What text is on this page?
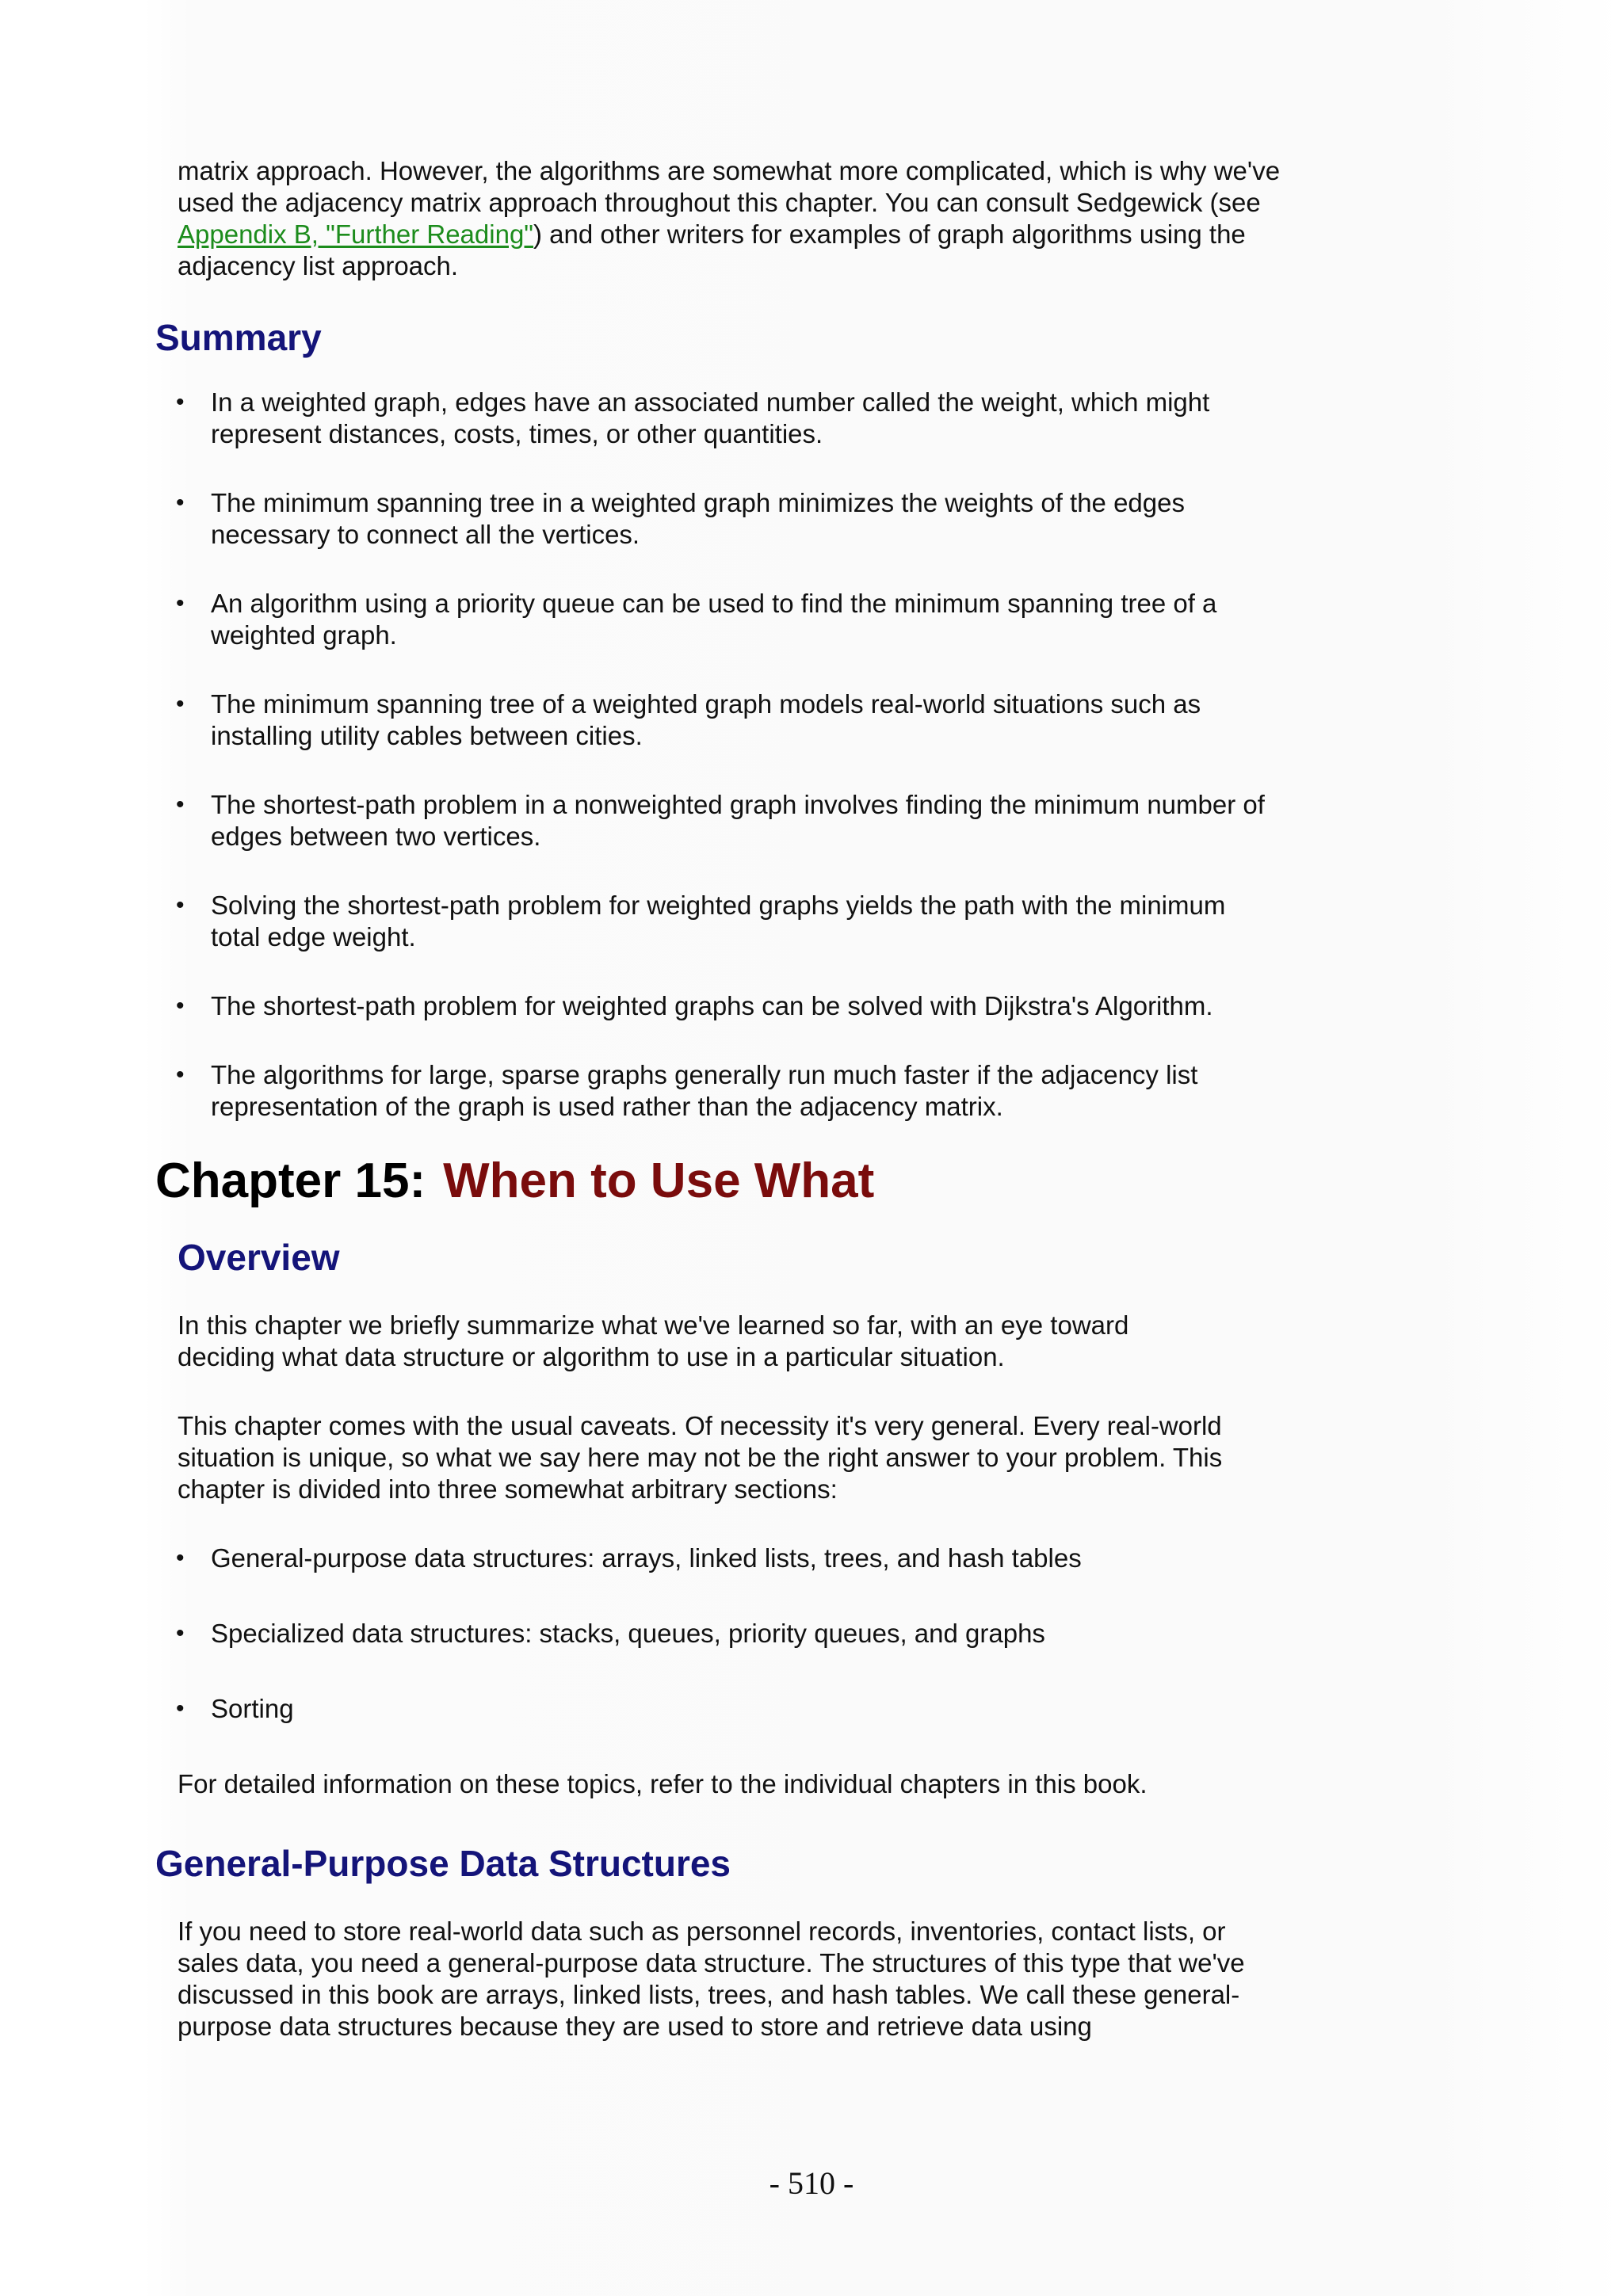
matrix approach. However, the algorithms are somewhat more complicated, which is why we've used the adjacency matrix approach throughout this chapter. You can consult Sedgewick (see Appendix B, "Further Reading") and other writers for examples of graph algorithms using the adjacency list approach.

Summary
• In a weighted graph, edges have an associated number called the weight, which might represent distances, costs, times, or other quantities.
• The minimum spanning tree in a weighted graph minimizes the weights of the edges necessary to connect all the vertices.
• An algorithm using a priority queue can be used to find the minimum spanning tree of a weighted graph.
• The minimum spanning tree of a weighted graph models real-world situations such as installing utility cables between cities.
• The shortest-path problem in a nonweighted graph involves finding the minimum number of edges between two vertices.
• Solving the shortest-path problem for weighted graphs yields the path with the minimum total edge weight.
• The shortest-path problem for weighted graphs can be solved with Dijkstra's Algorithm.
• The algorithms for large, sparse graphs generally run much faster if the adjacency list representation of the graph is used rather than the adjacency matrix.
Chapter 15: When to Use What
Overview

In this chapter we briefly summarize what we've learned so far, with an eye toward deciding what data structure or algorithm to use in a particular situation.

This chapter comes with the usual caveats. Of necessity it's very general. Every real-world situation is unique, so what we say here may not be the right answer to your problem. This chapter is divided into three somewhat arbitrary sections:

• General-purpose data structures: arrays, linked lists, trees, and hash tables
• Specialized data structures: stacks, queues, priority queues, and graphs
• Sorting

For detailed information on these topics, refer to the individual chapters in this book.

General-Purpose Data Structures

If you need to store real-world data such as personnel records, inventories, contact lists, or sales data, you need a general-purpose data structure. The structures of this type that we've discussed in this book are arrays, linked lists, trees, and hash tables. We call these general-purpose data structures because they are used to store and retrieve data using

- 510 -
